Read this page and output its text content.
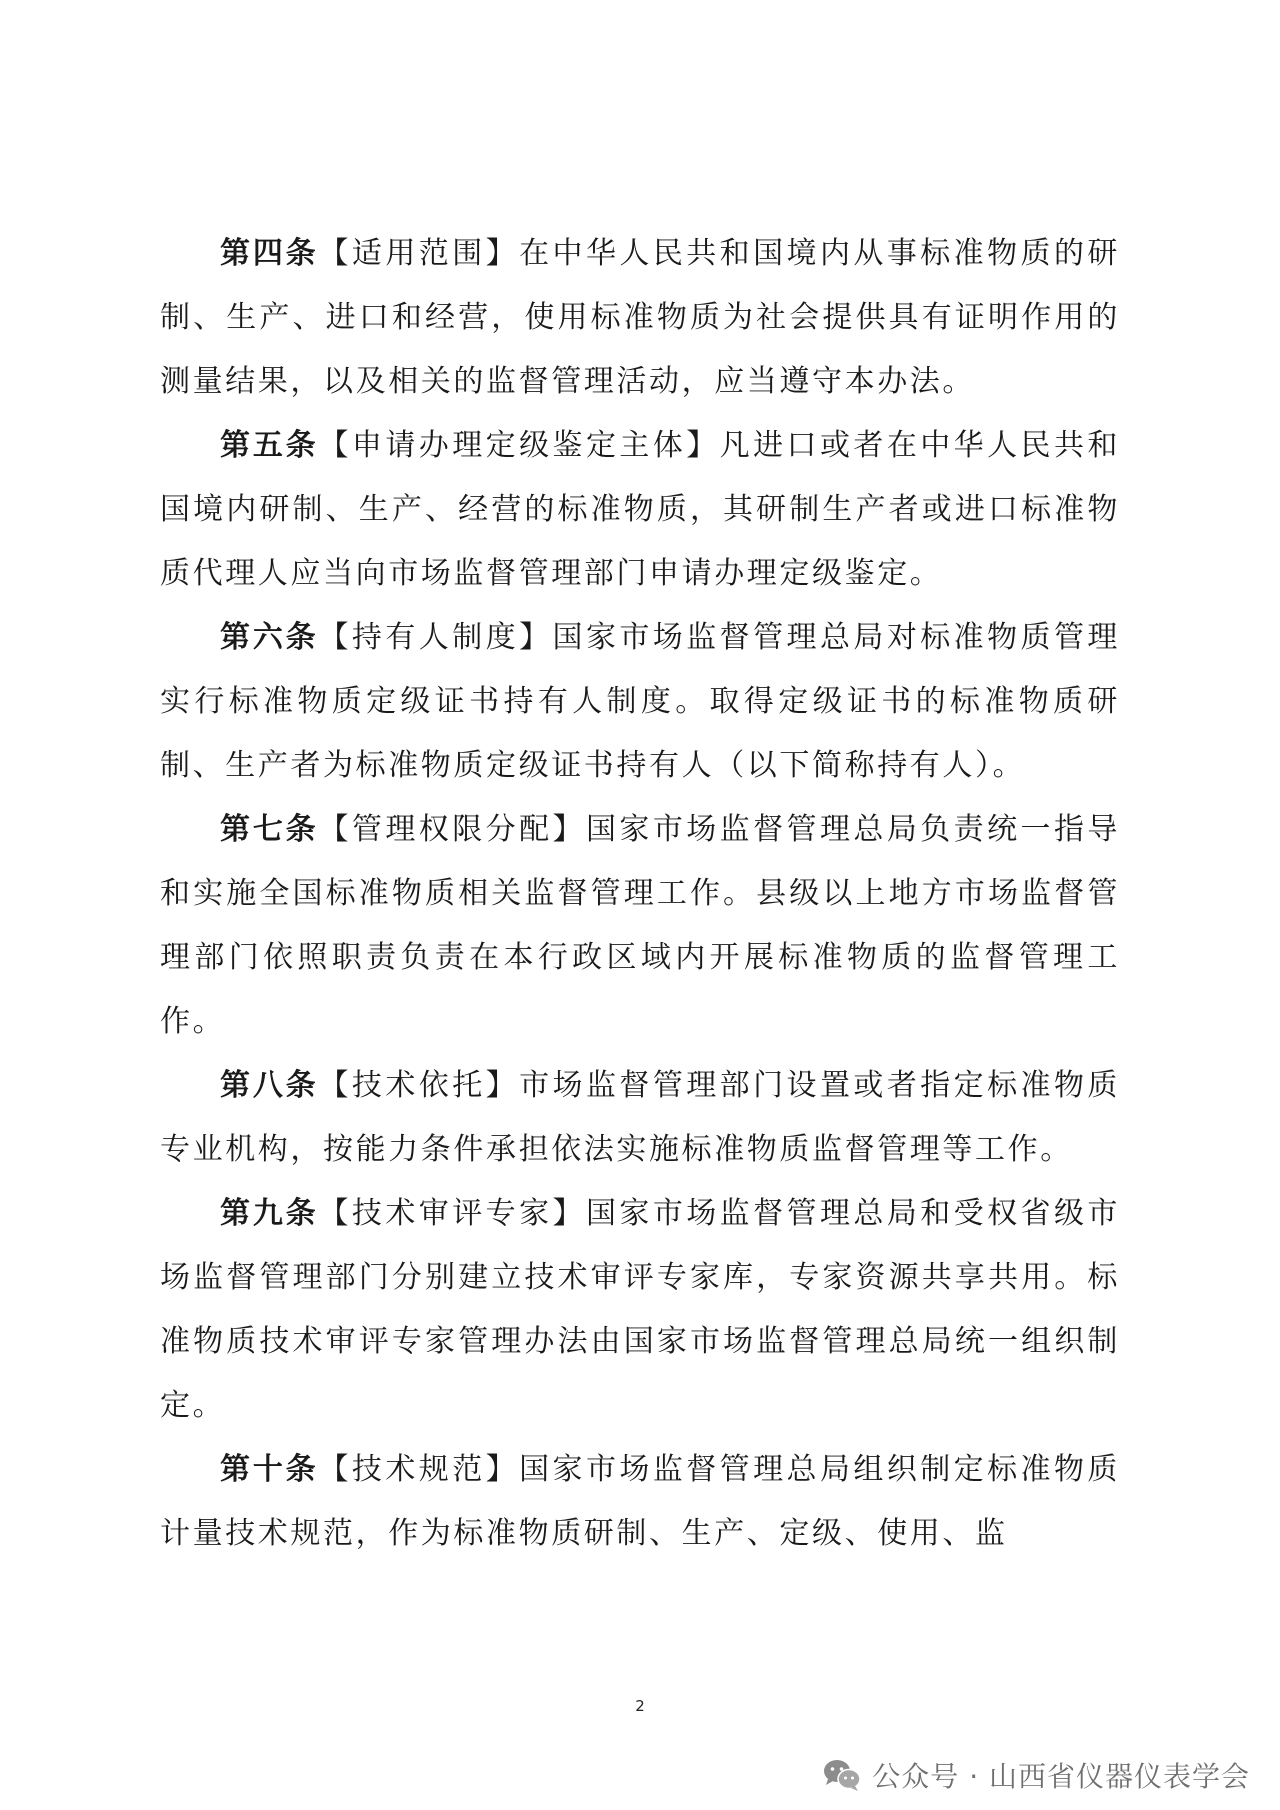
第四条【适用范围】在中华人民共和国境内从事标准物质的研制、生产、进口和经营，使用标准物质为社会提供具有证明作用的测量结果，以及相关的监督管理活动，应当遵守本办法。

第五条【申请办理定级鉴定主体】凡进口或者在中华人民共和国境内研制、生产、经营的标准物质，其研制生产者或进口标准物质代理人应当向市场监督管理部门申请办理定级鉴定。

第六条【持有人制度】国家市场监督管理总局对标准物质管理实行标准物质定级证书持有人制度。取得定级证书的标准物质研制、生产者为标准物质定级证书持有人（以下简称持有人）。

第七条【管理权限分配】国家市场监督管理总局负责统一指导和实施全国标准物质相关监督管理工作。县级以上地方市场监督管理部门依照职责负责在本行政区域内开展标准物质的监督管理工作。

第八条【技术依托】市场监督管理部门设置或者指定标准物质专业机构，按能力条件承担依法实施标准物质监督管理等工作。

第九条【技术审评专家】国家市场监督管理总局和受权省级市场监督管理部门分别建立技术审评专家库，专家资源共享共用。标准物质技术审评专家管理办法由国家市场监督管理总局统一组织制定。

第十条【技术规范】国家市场监督管理总局组织制定标准物质计量技术规范，作为标准物质研制、生产、定级、使用、监

2
公众号 · 山西省仪器仪表学会
